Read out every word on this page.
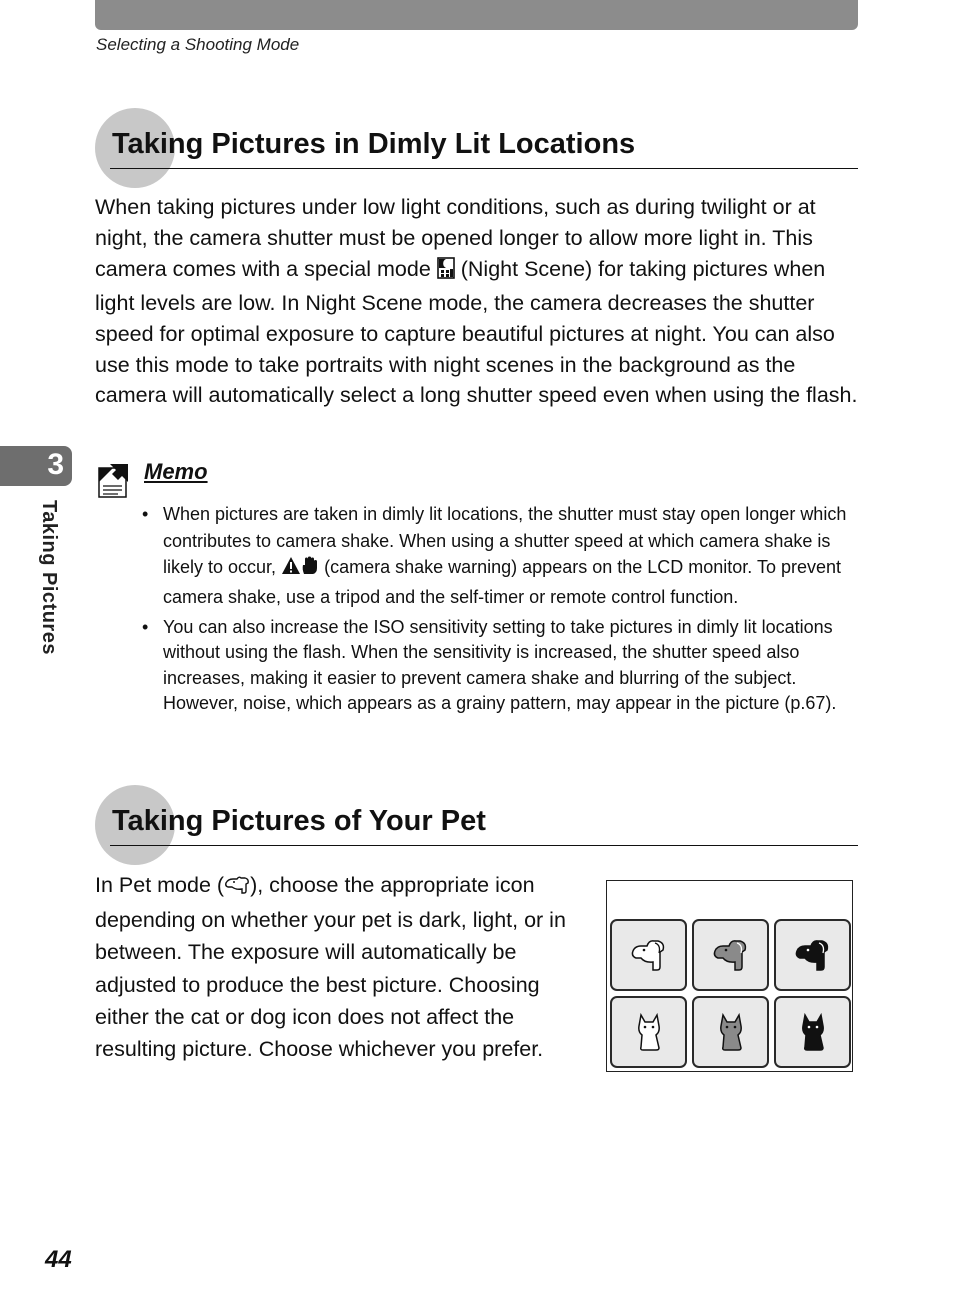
Selecting a Shooting Mode
3
Taking Pictures
Taking Pictures in Dimly Lit Locations
When taking pictures under low light conditions, such as during twilight or at night, the camera shutter must be opened longer to allow more light in. This camera comes with a special mode (Night Scene) for taking pictures when light levels are low. In Night Scene mode, the camera decreases the shutter speed for optimal exposure to capture beautiful pictures at night. You can also use this mode to take portraits with night scenes in the background as the camera will automatically select a long shutter speed even when using the flash.
Memo
• When pictures are taken in dimly lit locations, the shutter must stay open longer which contributes to camera shake. When using a shutter speed at which camera shake is likely to occur,	(camera shake warning) appears on the LCD monitor. To prevent camera shake, use a tripod and the self-timer or remote control function.
• You can also increase the ISO sensitivity setting to take pictures in dimly lit locations without using the flash. When the sensitivity is increased, the shutter speed also increases, making it easier to prevent camera shake and blurring of the subject. However, noise, which appears as a grainy pattern, may appear in the picture (p.67).
Taking Pictures of Your Pet
In Pet mode ( ), choose the appropriate icon depending on whether your pet is dark, light, or in between. The exposure will automatically be adjusted to produce the best picture. Choosing either the cat or dog icon does not affect the resulting picture. Choose whichever you prefer.
44
